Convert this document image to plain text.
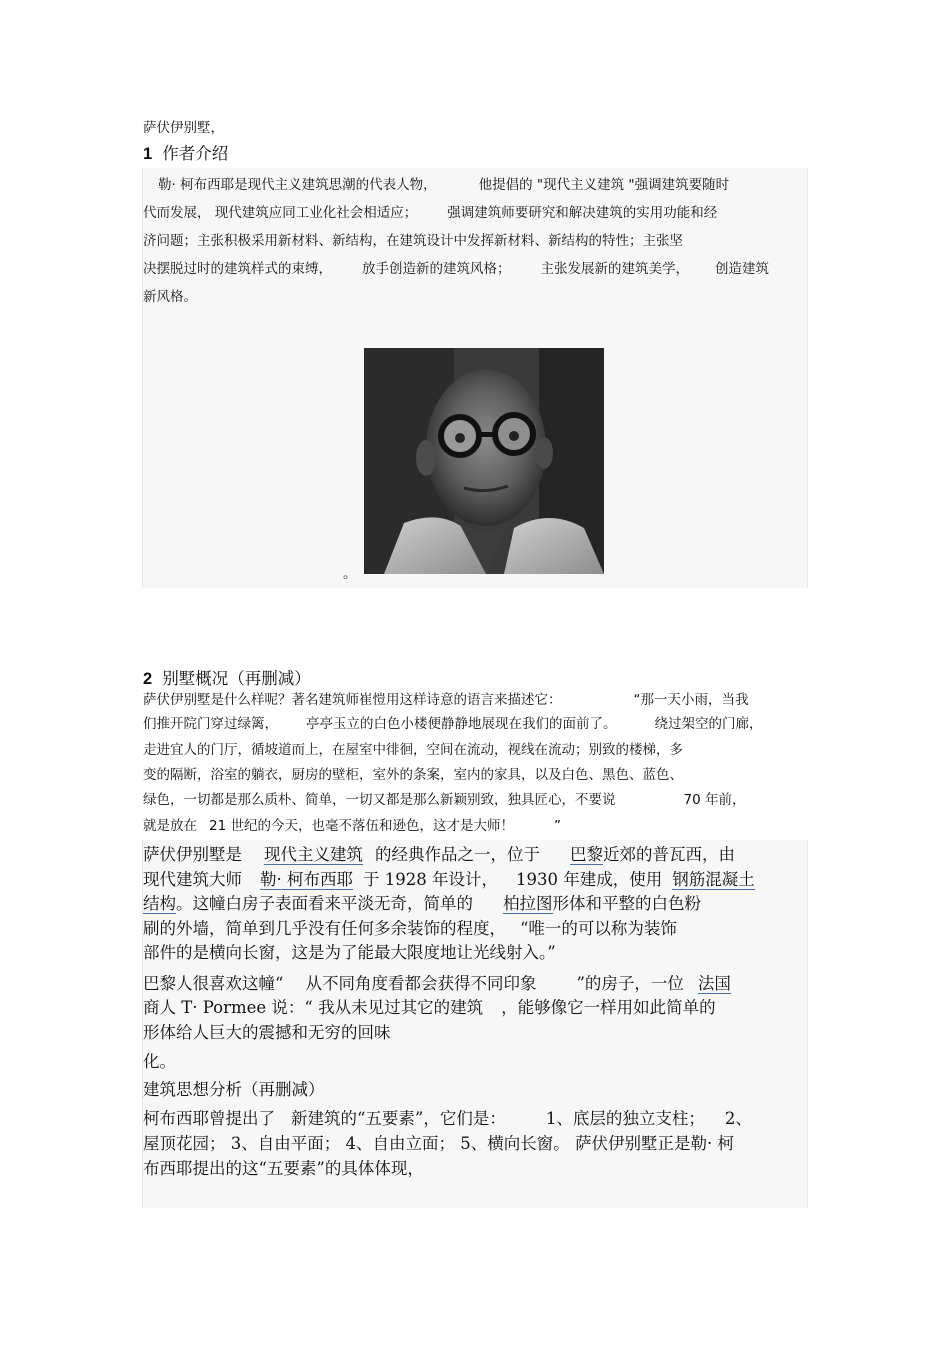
萨伏伊别墅，
1 作者介绍
勒· 柯布西耶是现代主义建筑思潮的代表人物，	他提倡的 "现代主义建筑 "强调建筑要随时
代而发展， 现代建筑应同工业化社会相适应； 强调建筑师要研究和解决建筑的实用功能和经
济问题；主张积极采用新材料、新结构，在建筑设计中发挥新材料、新结构的特性；主张坚
决摆脱过时的建筑样式的束缚， 放手创造新的建筑风格； 主张发展新的建筑美学， 创造建筑
新风格。
。
2 别墅概况（再删减）
萨伏伊别墅是什么样呢？著名建筑师崔愷用这样诗意的语言来描述它：	“那一天小雨，当我
们推开院门穿过绿篱， 亭亭玉立的白色小楼便静静地展现在我们的面前了。	绕过架空的门廊，
走进宜人的门厅，循坡道而上，在屋室中徘徊，空间在流动，视线在流动；别致的楼梯，多
变的隔断，浴室的躺衣，厨房的壁柜，室外的条案，室内的家具，以及白色、黑色、蓝色、
绿色，一切都是那么质朴、简单，一切又都是那么新颖别致，独具匠心，不要说	70 年前，
就是放在 21 世纪的今天，也毫不落伍和逊色，这才是大师！	”
萨伏伊别墅是 现代主义建筑 的经典作品之一，位于 巴黎近郊的普瓦西，由
现代建筑大师 勒· 柯布西耶 于 1928 年设计， 1930 年建成，使用 钢筋混凝土
结构。这幢白房子表面看来平淡无奇，简单的 柏拉图形体和平整的白色粉
刷的外墙，简单到几乎没有任何多余装饰的程度， “唯一的可以称为装饰
部件的是横向长窗，这是为了能最大限度地让光线射入。”
巴黎人很喜欢这幢“ 从不同角度看都会获得不同印象 ”的房子，一位 法国
商人 T· Pormee 说：“ 我从未见过其它的建筑 ，能够像它一样用如此简单的
形体给人巨大的震撼和无穷的回味
化。
建筑思想分析（再删减）
柯布西耶曾提出了 新建筑的“五要素”，它们是： 1、底层的独立支柱； 2、
屋顶花园； 3、自由平面； 4、自由立面； 5、横向长窗。 萨伏伊别墅正是勒· 柯
布西耶提出的这“五要素”的具体体现，
